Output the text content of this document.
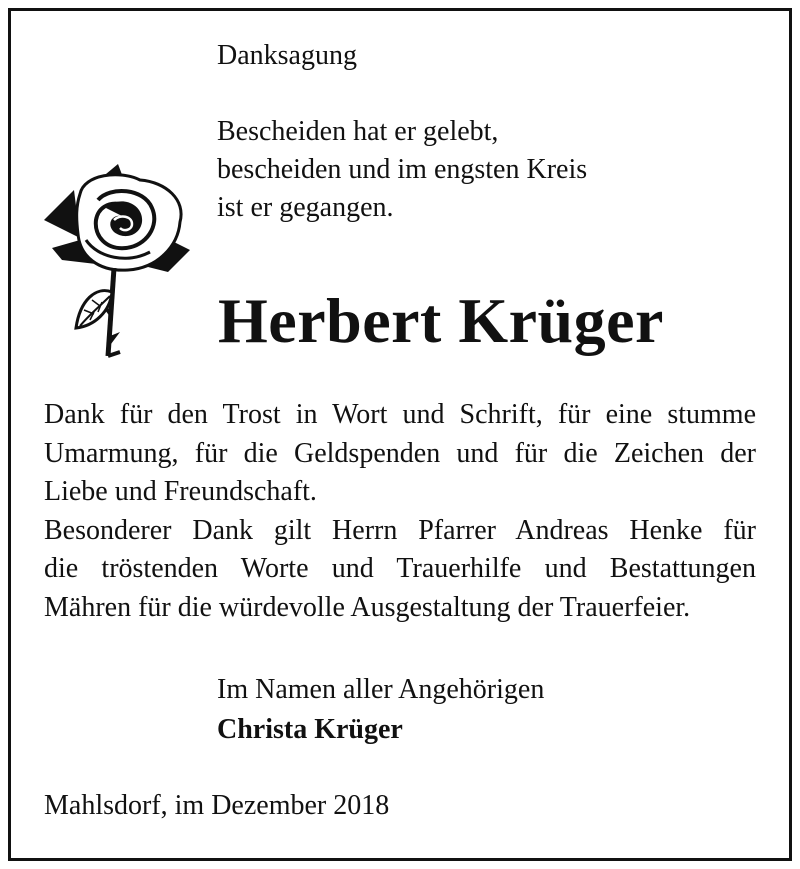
Danksagung
Bescheiden hat er gelebt,
bescheiden und im engsten Kreis
ist er gegangen.
Herbert Krüger
Dank für den Trost in Wort und Schrift, für eine stumme
Umarmung, für die Geldspenden und für die Zeichen der
Liebe und Freundschaft.
Besonderer Dank gilt Herrn Pfarrer Andreas Henke für
die tröstenden Worte und Trauerhilfe und Bestattungen
Mähren für die würdevolle Ausgestaltung der Trauerfeier.
Im Namen aller Angehörigen
Christa Krüger
Mahlsdorf, im Dezember 2018
